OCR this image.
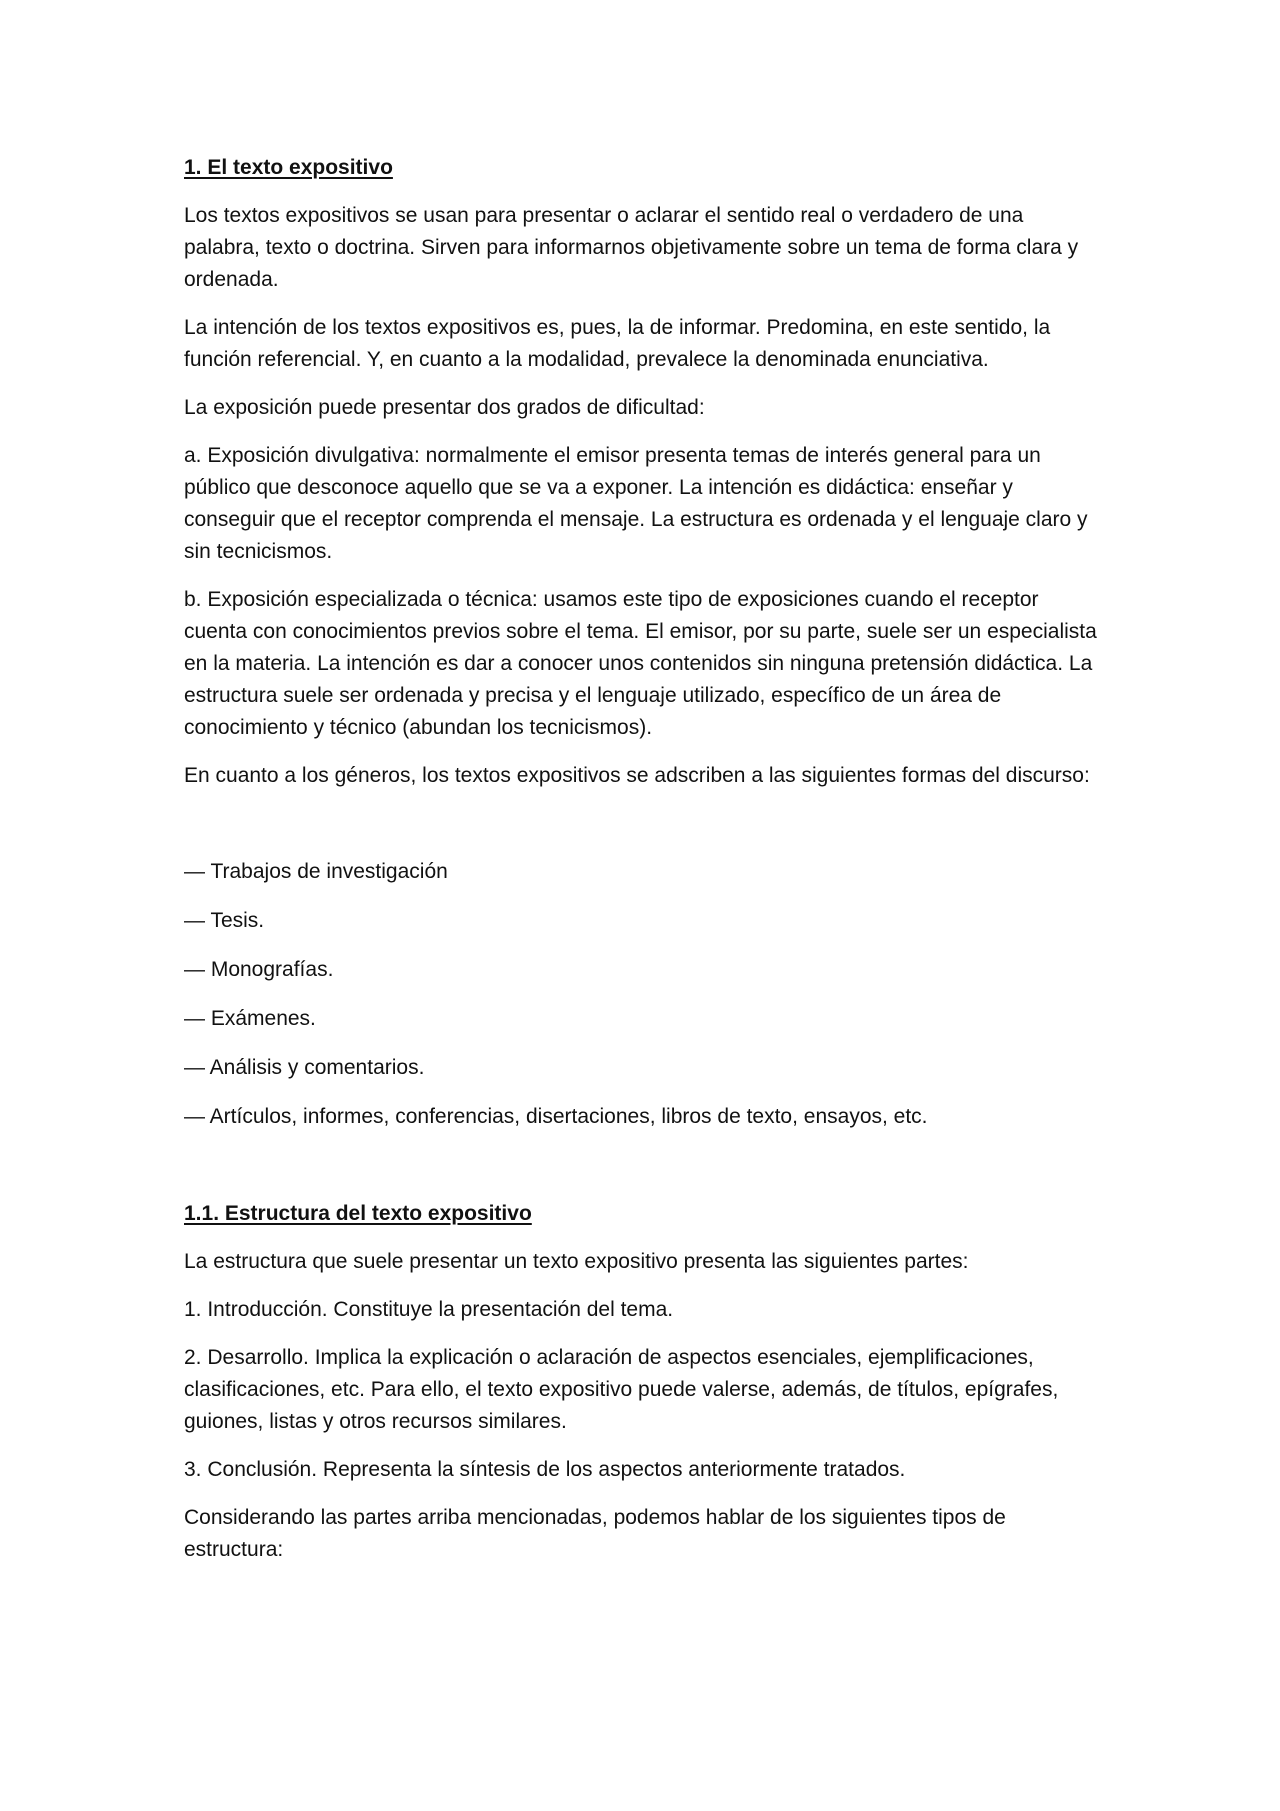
1. El texto expositivo

Los textos expositivos se usan para presentar o aclarar el sentido real o verdadero de una palabra, texto o doctrina. Sirven para informarnos objetivamente sobre un tema de forma clara y ordenada.

La intención de los textos expositivos es, pues, la de informar. Predomina, en este sentido, la función referencial. Y, en cuanto a la modalidad, prevalece la denominada enunciativa.

La exposición puede presentar dos grados de dificultad:

a. Exposición divulgativa: normalmente el emisor presenta temas de interés general para un público que desconoce aquello que se va a exponer. La intención es didáctica: enseñar y conseguir que el receptor comprenda el mensaje. La estructura es ordenada y el lenguaje claro y sin tecnicismos.

b. Exposición especializada o técnica: usamos este tipo de exposiciones cuando el receptor cuenta con conocimientos previos sobre el tema. El emisor, por su parte, suele ser un especialista en la materia. La intención es dar a conocer unos contenidos sin ninguna pretensión didáctica. La estructura suele ser ordenada y precisa y el lenguaje utilizado, específico de un área de conocimiento y técnico (abundan los tecnicismos).

En cuanto a los géneros, los textos expositivos se adscriben a las siguientes formas del discurso:

— Trabajos de investigación

— Tesis.

— Monografías.

— Exámenes.

— Análisis y comentarios.

— Artículos, informes, conferencias, disertaciones, libros de texto, ensayos, etc.

1.1. Estructura del texto expositivo

La estructura que suele presentar un texto expositivo presenta las siguientes partes:

1. Introducción. Constituye la presentación del tema.

2. Desarrollo. Implica la explicación o aclaración de aspectos esenciales, ejemplificaciones, clasificaciones, etc. Para ello, el texto expositivo puede valerse, además, de títulos, epígrafes, guiones, listas y otros recursos similares.

3. Conclusión. Representa la síntesis de los aspectos anteriormente tratados.

Considerando las partes arriba mencionadas, podemos hablar de los siguientes tipos de estructura:
